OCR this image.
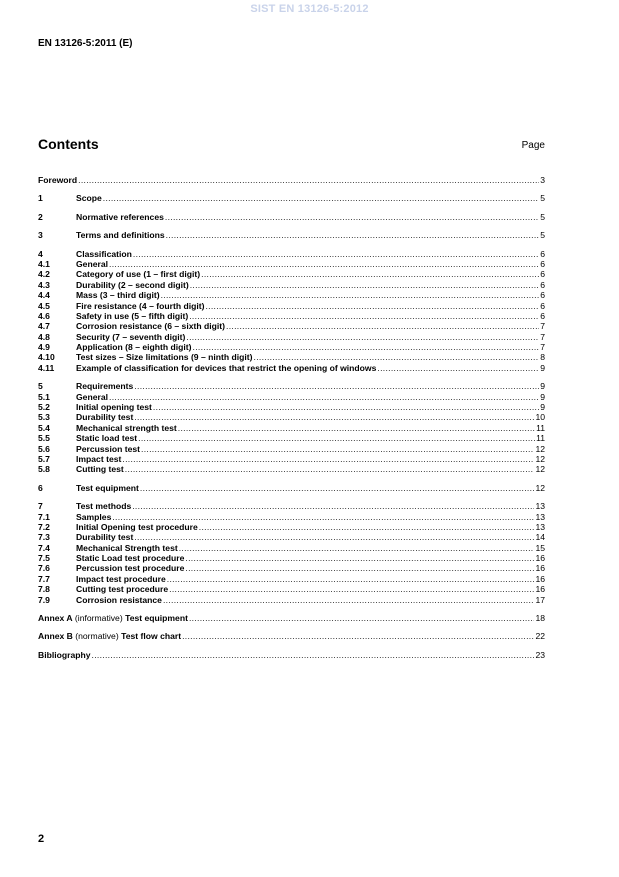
SIST EN 13126-5:2012
EN 13126-5:2011 (E)
Contents	Page
Foreword .....	3
1	Scope .....	5
2	Normative references .....	5
3	Terms and definitions .....	5
4	Classification .....	6
4.1	General .....	6
4.2	Category of use (1 – first digit) .....	6
4.3	Durability (2 – second digit) .....	6
4.4	Mass (3 – third digit) .....	6
4.5	Fire resistance (4 – fourth digit) .....	6
4.6	Safety in use (5 – fifth digit) .....	6
4.7	Corrosion resistance (6 – sixth digit) .....	7
4.8	Security (7 – seventh digit) .....	7
4.9	Application (8 – eighth digit) .....	7
4.10	Test sizes – Size limitations (9 – ninth digit) .....	8
4.11	Example of classification for devices that restrict the opening of windows .....	9
5	Requirements .....	9
5.1	General .....	9
5.2	Initial opening test .....	9
5.3	Durability test .....	10
5.4	Mechanical strength test .....	11
5.5	Static load test .....	11
5.6	Percussion test .....	12
5.7	Impact test .....	12
5.8	Cutting test .....	12
6	Test equipment .....	12
7	Test methods .....	13
7.1	Samples .....	13
7.2	Initial Opening test procedure .....	13
7.3	Durability test .....	14
7.4	Mechanical Strength test .....	15
7.5	Static Load test procedure .....	16
7.6	Percussion test procedure .....	16
7.7	Impact test procedure .....	16
7.8	Cutting test procedure .....	16
7.9	Corrosion resistance .....	17
Annex A (informative) Test equipment .....	18
Annex B (normative) Test flow chart .....	22
Bibliography .....	23
2
